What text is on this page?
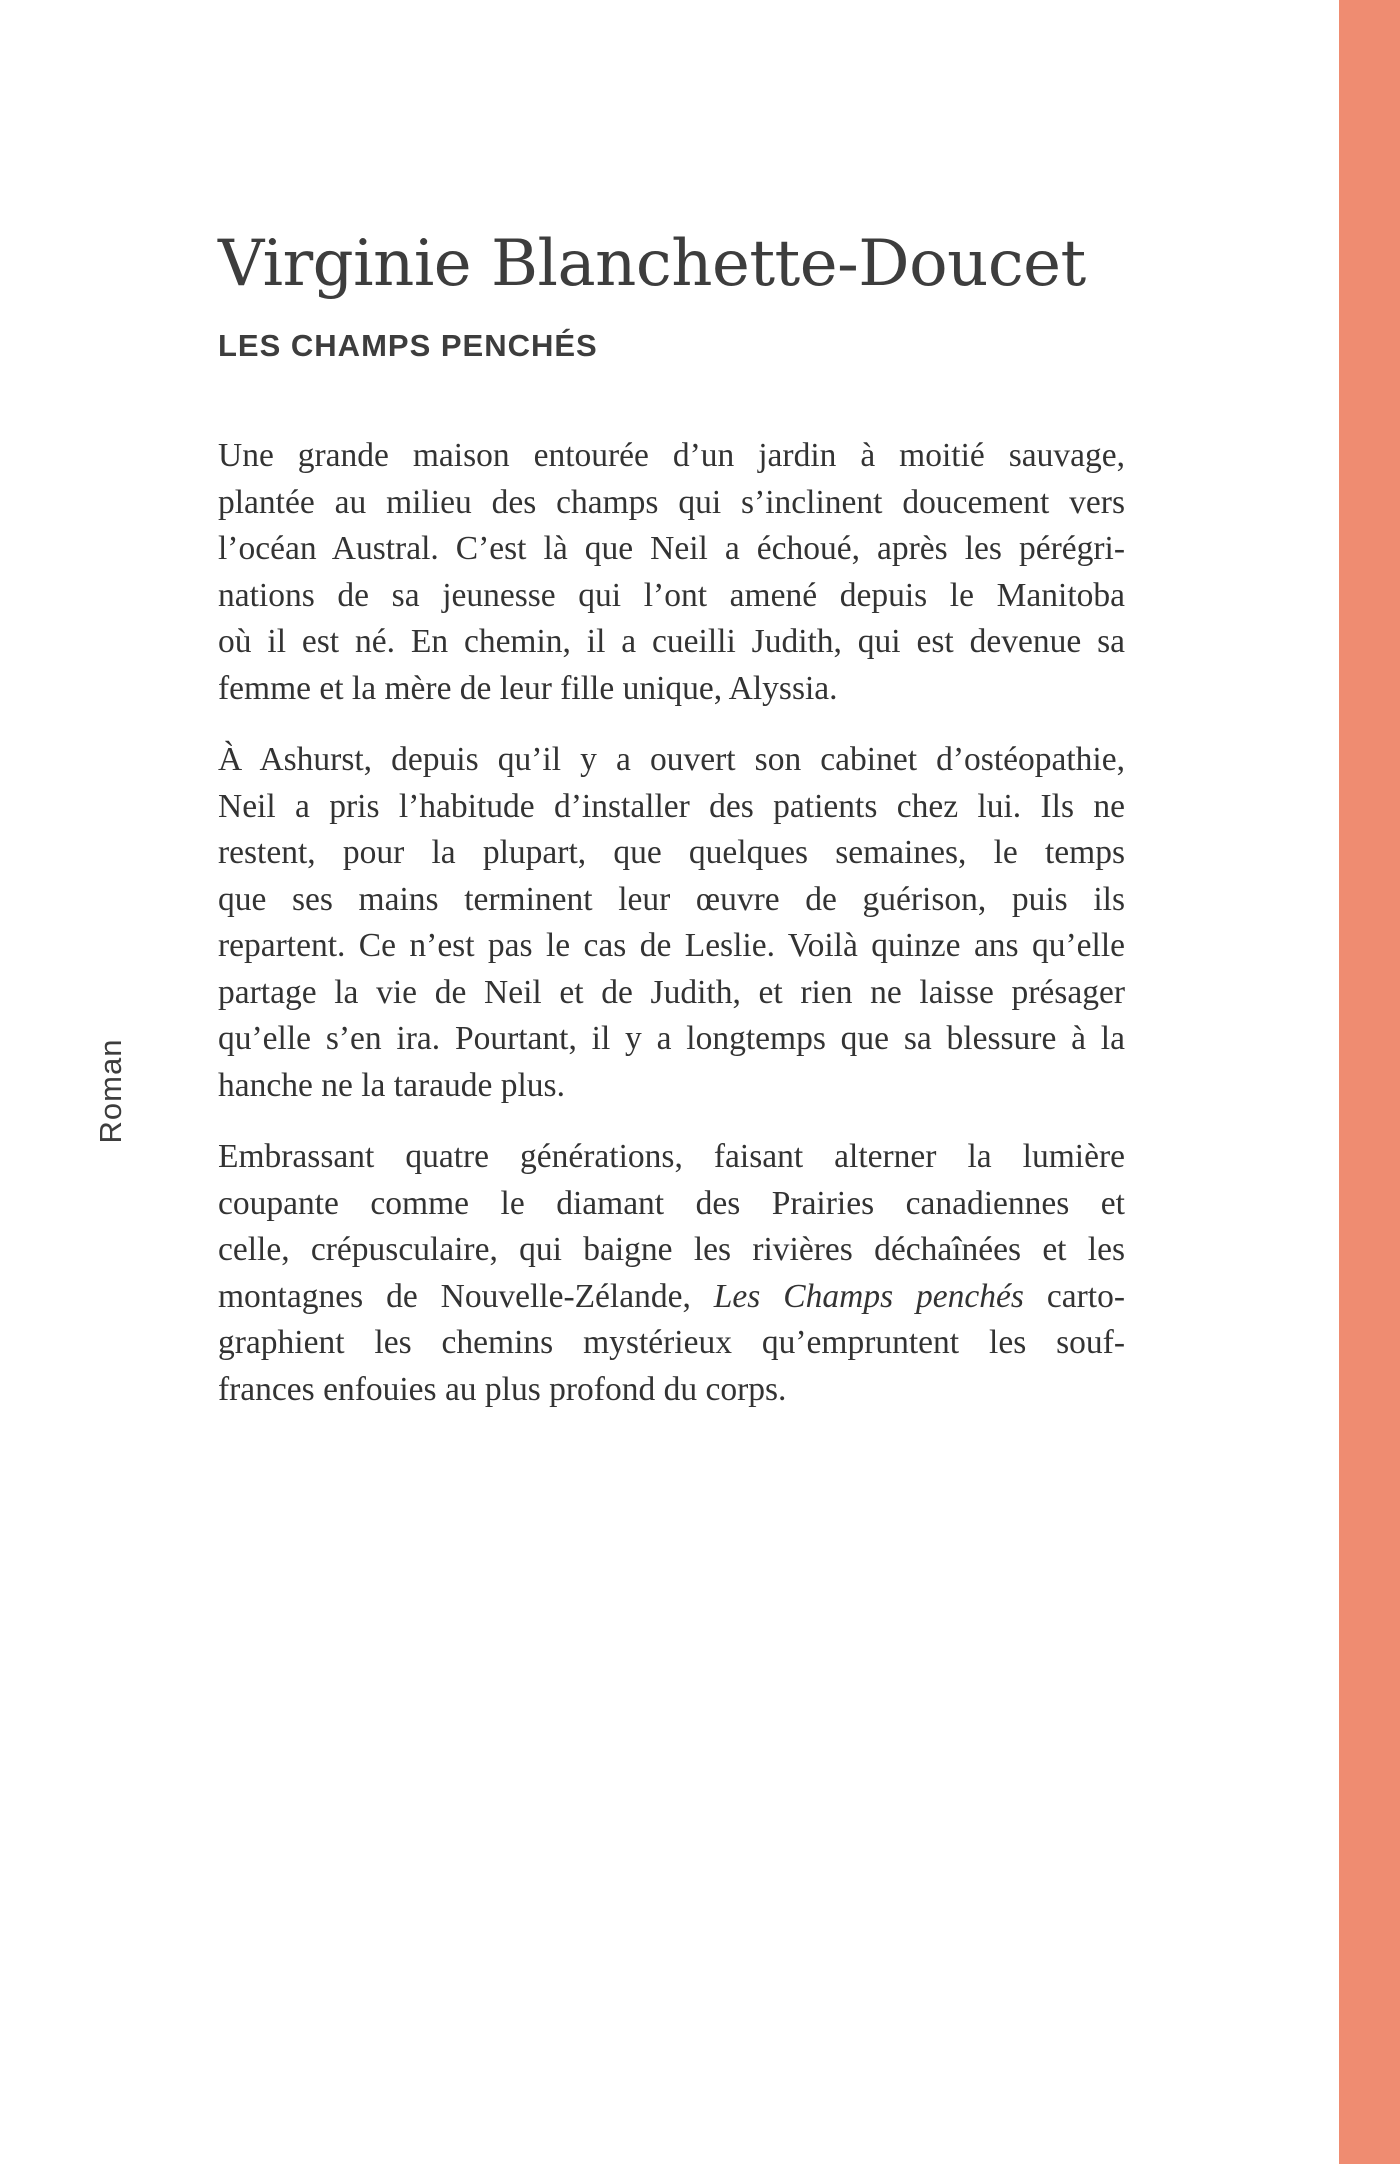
Virginie Blanchette-Doucet
LES CHAMPS PENCHÉS
Roman

Une grande maison entourée d’un jardin à moitié sauvage,
plantée au milieu des champs qui s’inclinent doucement vers
l’océan Austral. C’est là que Neil a échoué, après les pérégri-
nations de sa jeunesse qui l’ont amené depuis le Manitoba
où il est né. En chemin, il a cueilli Judith, qui est devenue sa
femme et la mère de leur fille unique, Alyssia.

À Ashurst, depuis qu’il y a ouvert son cabinet d’ostéopathie,
Neil a pris l’habitude d’installer des patients chez lui. Ils ne
restent, pour la plupart, que quelques semaines, le temps
que ses mains terminent leur œuvre de guérison, puis ils
repartent. Ce n’est pas le cas de Leslie. Voilà quinze ans qu’elle
partage la vie de Neil et de Judith, et rien ne laisse présager
qu’elle s’en ira. Pourtant, il y a longtemps que sa blessure à la
hanche ne la taraude plus.

Embrassant quatre générations, faisant alterner la lumière
coupante comme le diamant des Prairies canadiennes et
celle, crépusculaire, qui baigne les rivières déchaînées et les
montagnes de Nouvelle-Zélande, Les Champs penchés carto-
graphient les chemins mystérieux qu’empruntent les souf-
frances enfouies au plus profond du corps.
